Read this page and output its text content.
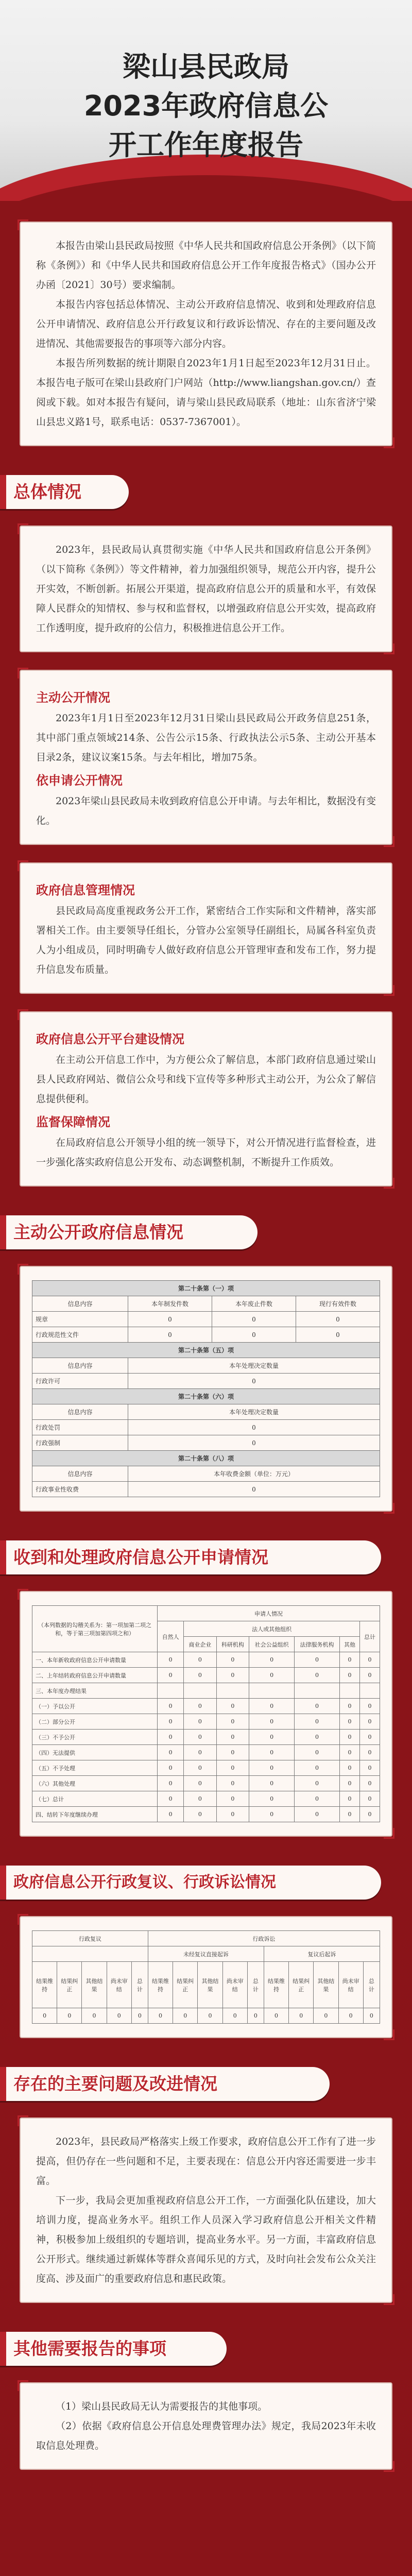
梁山县民政局
2023年政府信息公
开工作年度报告

本报告由梁山县民政局按照《中华人民共和国政府信息公开条例》（以下简称《条例》）和《中华人民共和国政府信息公开工作年度报告格式》（国办公开办函〔2021〕30号）要求编制。

本报告内容包括总体情况、主动公开政府信息情况、收到和处理政府信息公开申请情况、政府信息公开行政复议和行政诉讼情况、存在的主要问题及改进情况、其他需要报告的事项等六部分内容。

本报告所列数据的统计期限自2023年1月1日起至2023年12月31日止。本报告电子版可在梁山县政府门户网站（http://www.liangshan.gov.cn/）查阅或下载。如对本报告有疑问，请与梁山县民政局联系（地址：山东省济宁梁山县忠义路1号，联系电话：0537-7367001）。

总体情况

2023年，县民政局认真贯彻实施《中华人民共和国政府信息公开条例》（以下简称《条例》）等文件精神，着力加强组织领导，规范公开内容，提升公开实效，不断创新。拓展公开渠道，提高政府信息公开的质量和水平，有效保障人民群众的知情权、参与权和监督权，以增强政府信息公开实效，提高政府工作透明度，提升政府的公信力，积极推进信息公开工作。

主动公开情况

2023年1月1日至2023年12月31日梁山县民政局公开政务信息251条，其中部门重点领域214条、公告公示15条、行政执法公示5条、主动公开基本目录2条，建议议案15条。与去年相比，增加75条。

依申请公开情况

2023年梁山县民政局未收到政府信息公开申请。与去年相比，数据没有变化。

政府信息管理情况

县民政局高度重视政务公开工作，紧密结合工作实际和文件精神，落实部署相关工作。由主要领导任组长，分管办公室领导任副组长，局属各科室负责人为小组成员，同时明确专人做好政府信息公开管理审查和发布工作，努力提升信息发布质量。

政府信息公开平台建设情况

在主动公开信息工作中，为方便公众了解信息，本部门政府信息通过梁山县人民政府网站、微信公众号和线下宣传等多种形式主动公开，为公众了解信息提供便利。

监督保障情况

在局政府信息公开领导小组的统一领导下，对公开情况进行监督检查，进一步强化落实政府信息公开发布、动态调整机制，不断提升工作质效。

主动公开政府信息情况
第二十条第（一）项			
信息内容	本年制发件数	本年废止件数	现行有效件数
规章	0	0	0
行政规范性文件	0	0	0
第二十条第（五）项			
信息内容	本年处理决定数量		
行政许可	0		
第二十条第（六）项			
信息内容	本年处理决定数量		
行政处罚	0		
行政强制	0		
第二十条第（八）项			
信息内容	本年收费金额（单位：万元）		
行政事业性收费	0		
收到和处理政府信息公开申请情况
（本列数据的勾稽关系为：第一项加第二项之和，等于第三项加第四项之和）	申请人情况						
	自然人	法人或其他组织					总计
		商业企业	科研机构	社会公益组织	法律服务机构	其他	
一、本年新收政府信息公开申请数量	0	0	0	0	0	0	0
二、上年结转政府信息公开申请数量	0	0	0	0	0	0	0
三、本年度办理结果							
（一）予以公开	0	0	0	0	0	0	0
（二）部分公开	0	0	0	0	0	0	0
（三）不予公开	0	0	0	0	0	0	0
（四）无法提供	0	0	0	0	0	0	0
（五）不予处理	0	0	0	0	0	0	0
（六）其他处理	0	0	0	0	0	0	0
（七）总计	0	0	0	0	0	0	0
四、结转下年度继续办理	0	0	0	0	0	0	0
政府信息公开行政复议、行政诉讼情况
行政复议					行政诉讼									
					未经复议直接起诉					复议后起诉				
结果维持	结果纠正	其他结果	尚未审结	总计	结果维持	结果纠正	其他结果	尚未审结	总计	结果维持	结果纠正	其他结果	尚未审结	总计
0	0	0	0	0	0	0	0	0	0	0	0	0	0	0
存在的主要问题及改进情况

2023年，县民政局严格落实上级工作要求，政府信息公开工作有了进一步提高，但仍存在一些问题和不足，主要表现在：信息公开内容还需要进一步丰富。

下一步，我局会更加重视政府信息公开工作，一方面强化队伍建设，加大培训力度，提高业务水平。组织工作人员深入学习政府信息公开相关文件精神，积极参加上级组织的专题培训，提高业务水平。另一方面，丰富政府信息公开形式。继续通过新媒体等群众喜闻乐见的方式，及时向社会发布公众关注度高、涉及面广的重要政府信息和惠民政策。

其他需要报告的事项

（1）梁山县民政局无认为需要报告的其他事项。

（2）依据《政府信息公开信息处理费管理办法》规定，我局2023年未收取信息处理费。
